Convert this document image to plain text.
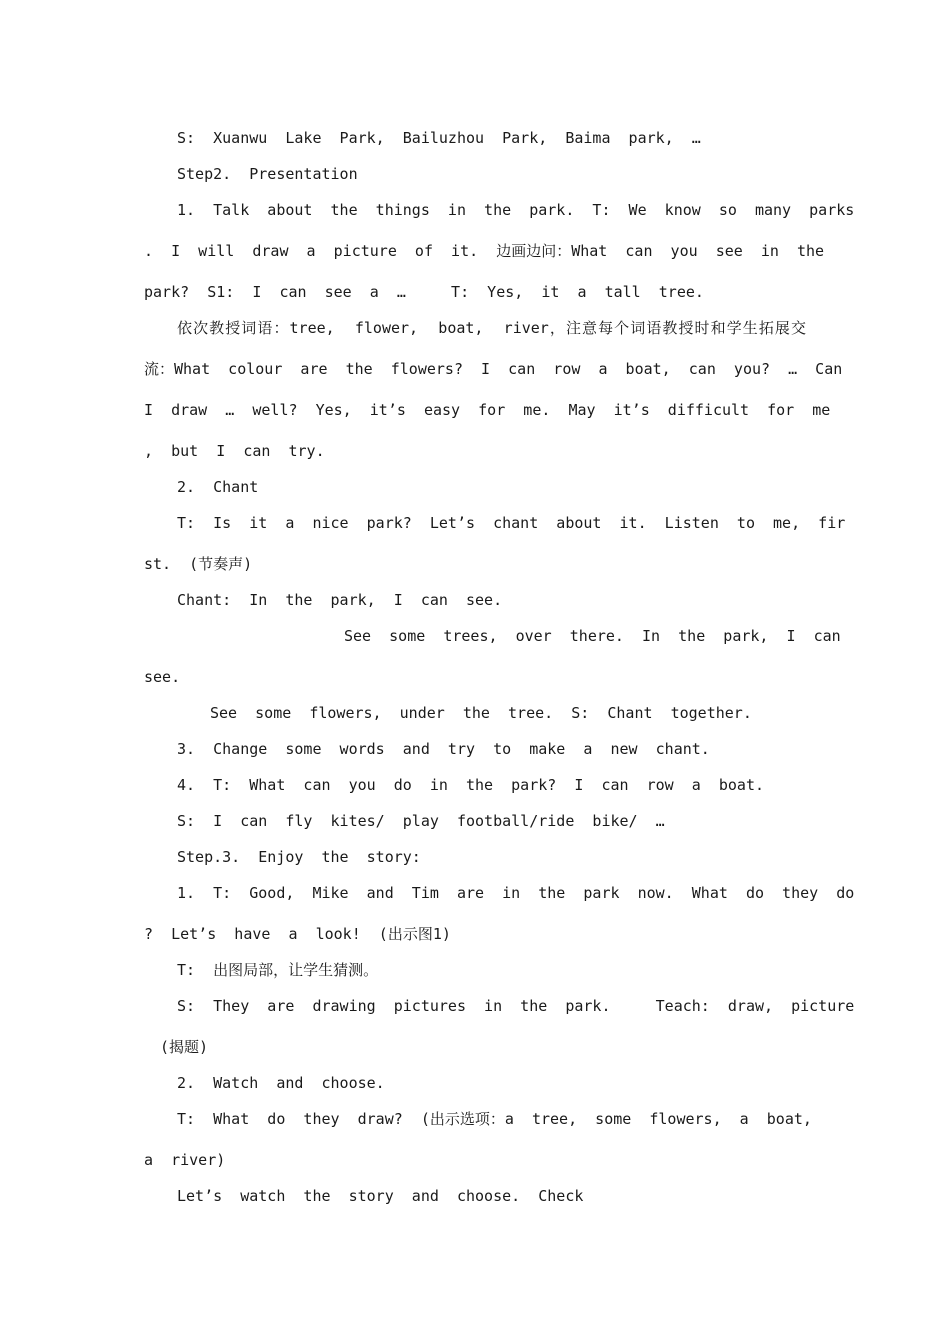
S:  Xuanwu  Lake  Park,  Bailuzhou  Park,  Baima  park,  …
Step2.  Presentation
1.  Talk  about  the  things  in  the  park.  T:  We  know  so  many  parks
.  I  will  draw  a  picture  of  it.  边画边问：What  can  you  see  in  the
park?  S1:  I  can  see  a  …     T:  Yes,  it  a  tall  tree.
依次教授词语：tree,  flower,  boat,  river，注意每个词语教授时和学生拓展交
流：What  colour  are  the  flowers?  I  can  row  a  boat,  can  you?  …  Can
I  draw  …  well?  Yes,  it’s  easy  for  me.  May  it’s  difficult  for  me
,  but  I  can  try.
2.  Chant
T:  Is  it  a  nice  park?  Let’s  chant  about  it.  Listen  to  me,  fir
st.  (节奏声)
Chant:  In  the  park,  I  can  see.
See  some  trees,  over  there.  In  the  park,  I  can
see.
See  some  flowers,  under  the  tree.  S:  Chant  together.
3.  Change  some  words  and  try  to  make  a  new  chant.
4.  T:  What  can  you  do  in  the  park?  I  can  row  a  boat.
S:  I  can  fly  kites/  play  football/ride  bike/  …
Step.3.  Enjoy  the  story:
1.  T:  Good,  Mike  and  Tim  are  in  the  park  now.  What  do  they  do
?  Let’s  have  a  look!  (出示图1)
T:  出图局部，让学生猜测。
S:  They  are  drawing  pictures  in  the  park.     Teach:  draw,  picture
(揭题)
2.  Watch  and  choose.
T:  What  do  they  draw?  (出示选项：a  tree,  some  flowers,  a  boat,
a  river)
Let’s  watch  the  story  and  choose.  Check
